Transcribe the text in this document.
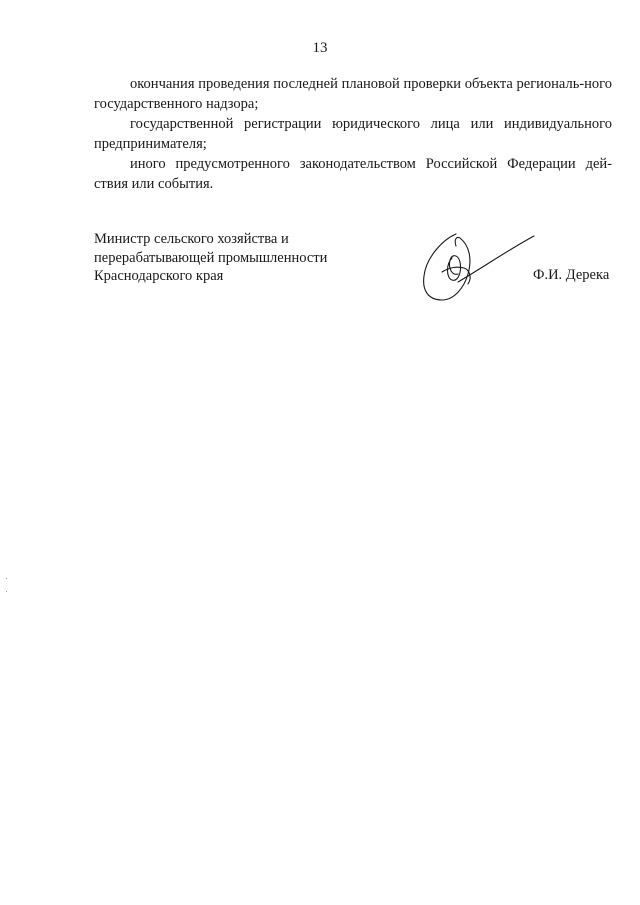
13

окончания проведения последней плановой проверки объекта региональ-ного государственного надзора;

государственной регистрации юридического лица или индивидуального предпринимателя;

иного предусмотренного законодательством Российской Федерации дей-ствия или события.

Министр сельского хозяйства и
перерабатывающей промышленности
Краснодарского края	Ф.И. Дерека
